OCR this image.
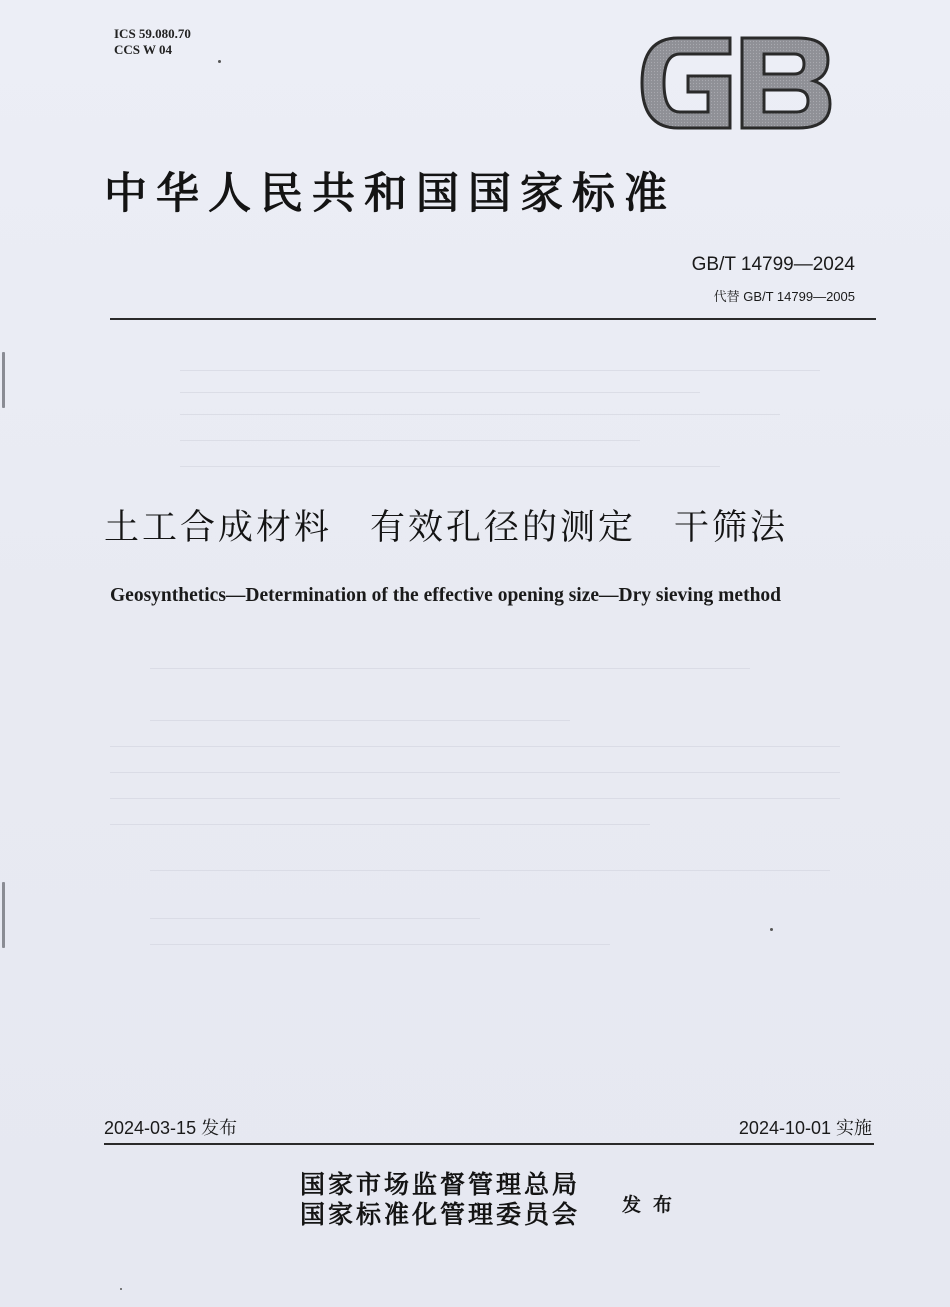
ICS 59.080.70
CCS W 04
GB
中华人民共和国国家标准
GB/T 14799—2024
代替 GB/T 14799—2005
土工合成材料　有效孔径的测定　干筛法
Geosynthetics—Determination of the effective opening size—Dry sieving method
2024-03-15 发布	2024-10-01 实施
国家市场监督管理总局
国家标准化管理委员会 发布
